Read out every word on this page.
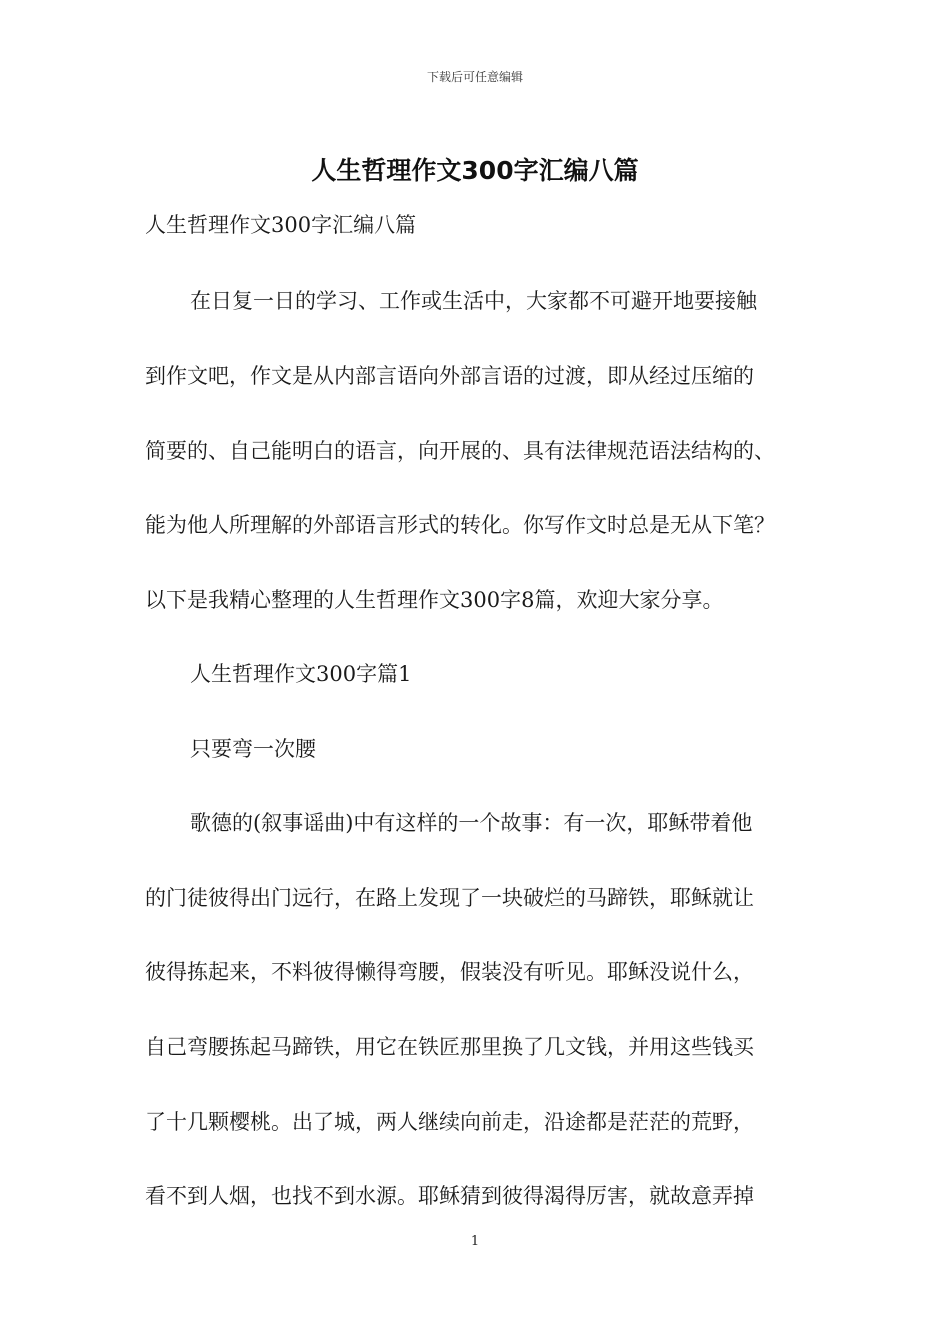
下载后可任意编辑
人生哲理作文300字汇编八篇
人生哲理作文300字汇编八篇
在日复一日的学习、工作或生活中，大家都不可避开地要接触
到作文吧，作文是从内部言语向外部言语的过渡，即从经过压缩的
简要的、自己能明白的语言，向开展的、具有法律规范语法结构的、
能为他人所理解的外部语言形式的转化。你写作文时总是无从下笔？
以下是我精心整理的人生哲理作文300字8篇，欢迎大家分享。
人生哲理作文300字篇1
只要弯一次腰
歌德的(叙事谣曲)中有这样的一个故事：有一次，耶稣带着他
的门徒彼得出门远行，在路上发现了一块破烂的马蹄铁，耶稣就让
彼得拣起来，不料彼得懒得弯腰，假装没有听见。耶稣没说什么，
自己弯腰拣起马蹄铁，用它在铁匠那里换了几文钱，并用这些钱买
了十几颗樱桃。出了城，两人继续向前走，沿途都是茫茫的荒野，
看不到人烟，也找不到水源。耶稣猜到彼得渴得厉害，就故意弄掉
1
